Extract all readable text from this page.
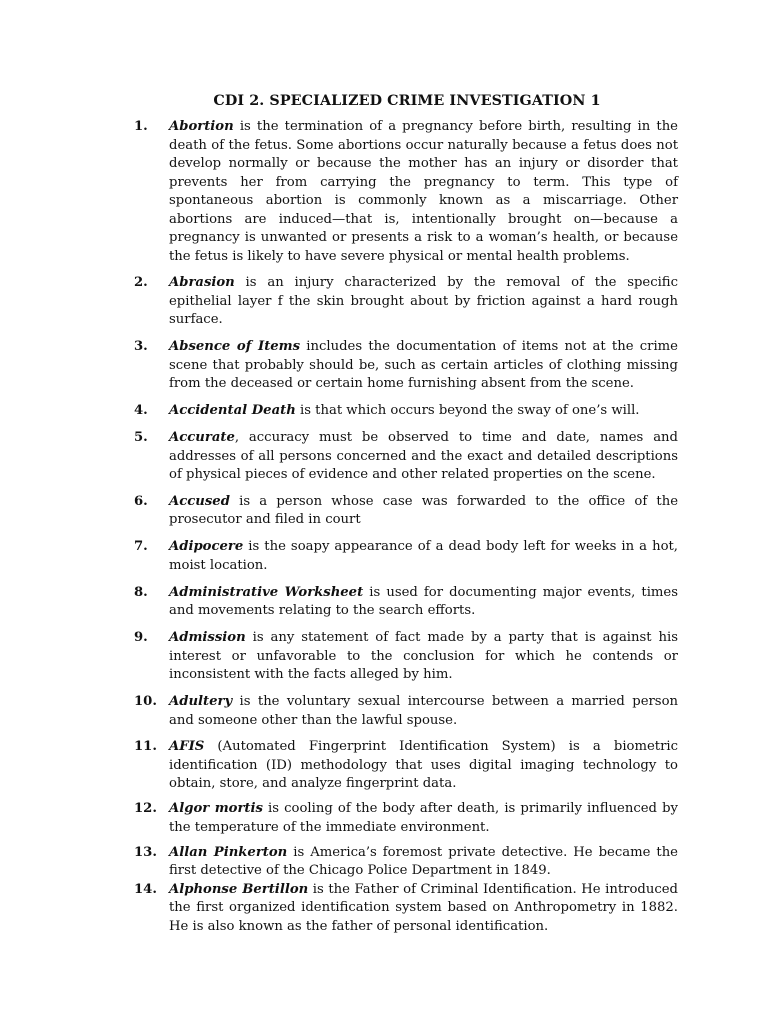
CDI 2. SPECIALIZED CRIME INVESTIGATION 1
1. Abortion is the termination of a pregnancy before birth, resulting in the death of the fetus. Some abortions occur naturally because a fetus does not develop normally or because the mother has an injury or disorder that prevents her from carrying the pregnancy to term. This type of spontaneous abortion is commonly known as a miscarriage. Other abortions are induced—that is, intentionally brought on—because a pregnancy is unwanted or presents a risk to a woman’s health, or because the fetus is likely to have severe physical or mental health problems.
2. Abrasion is an injury characterized by the removal of the specific epithelial layer f the skin brought about by friction against a hard rough surface.
3. Absence of Items includes the documentation of items not at the crime scene that probably should be, such as certain articles of clothing missing from the deceased or certain home furnishing absent from the scene.
4. Accidental Death is that which occurs beyond the sway of one’s will.
5. Accurate, accuracy must be observed to time and date, names and addresses of all persons concerned and the exact and detailed descriptions of physical pieces of evidence and other related properties on the scene.
6. Accused is a person whose case was forwarded to the office of the prosecutor and filed in court
7. Adipocere is the soapy appearance of a dead body left for weeks in a hot, moist location.
8. Administrative Worksheet is used for documenting major events, times and movements relating to the search efforts.
9. Admission is any statement of fact made by a party that is against his interest or unfavorable to the conclusion for which he contends or inconsistent with the facts alleged by him.
10. Adultery is the voluntary sexual intercourse between a married person and someone other than the lawful spouse.
11. AFIS (Automated Fingerprint Identification System) is a biometric identification (ID) methodology that uses digital imaging technology to obtain, store, and analyze fingerprint data.
12. Algor mortis is cooling of the body after death, is primarily influenced by the temperature of the immediate environment.
13. Allan Pinkerton is America’s foremost private detective. He became the first detective of the Chicago Police Department in 1849.
14. Alphonse Bertillon is the Father of Criminal Identification. He introduced the first organized identification system based on Anthropometry in 1882. He is also known as the father of personal identification.
